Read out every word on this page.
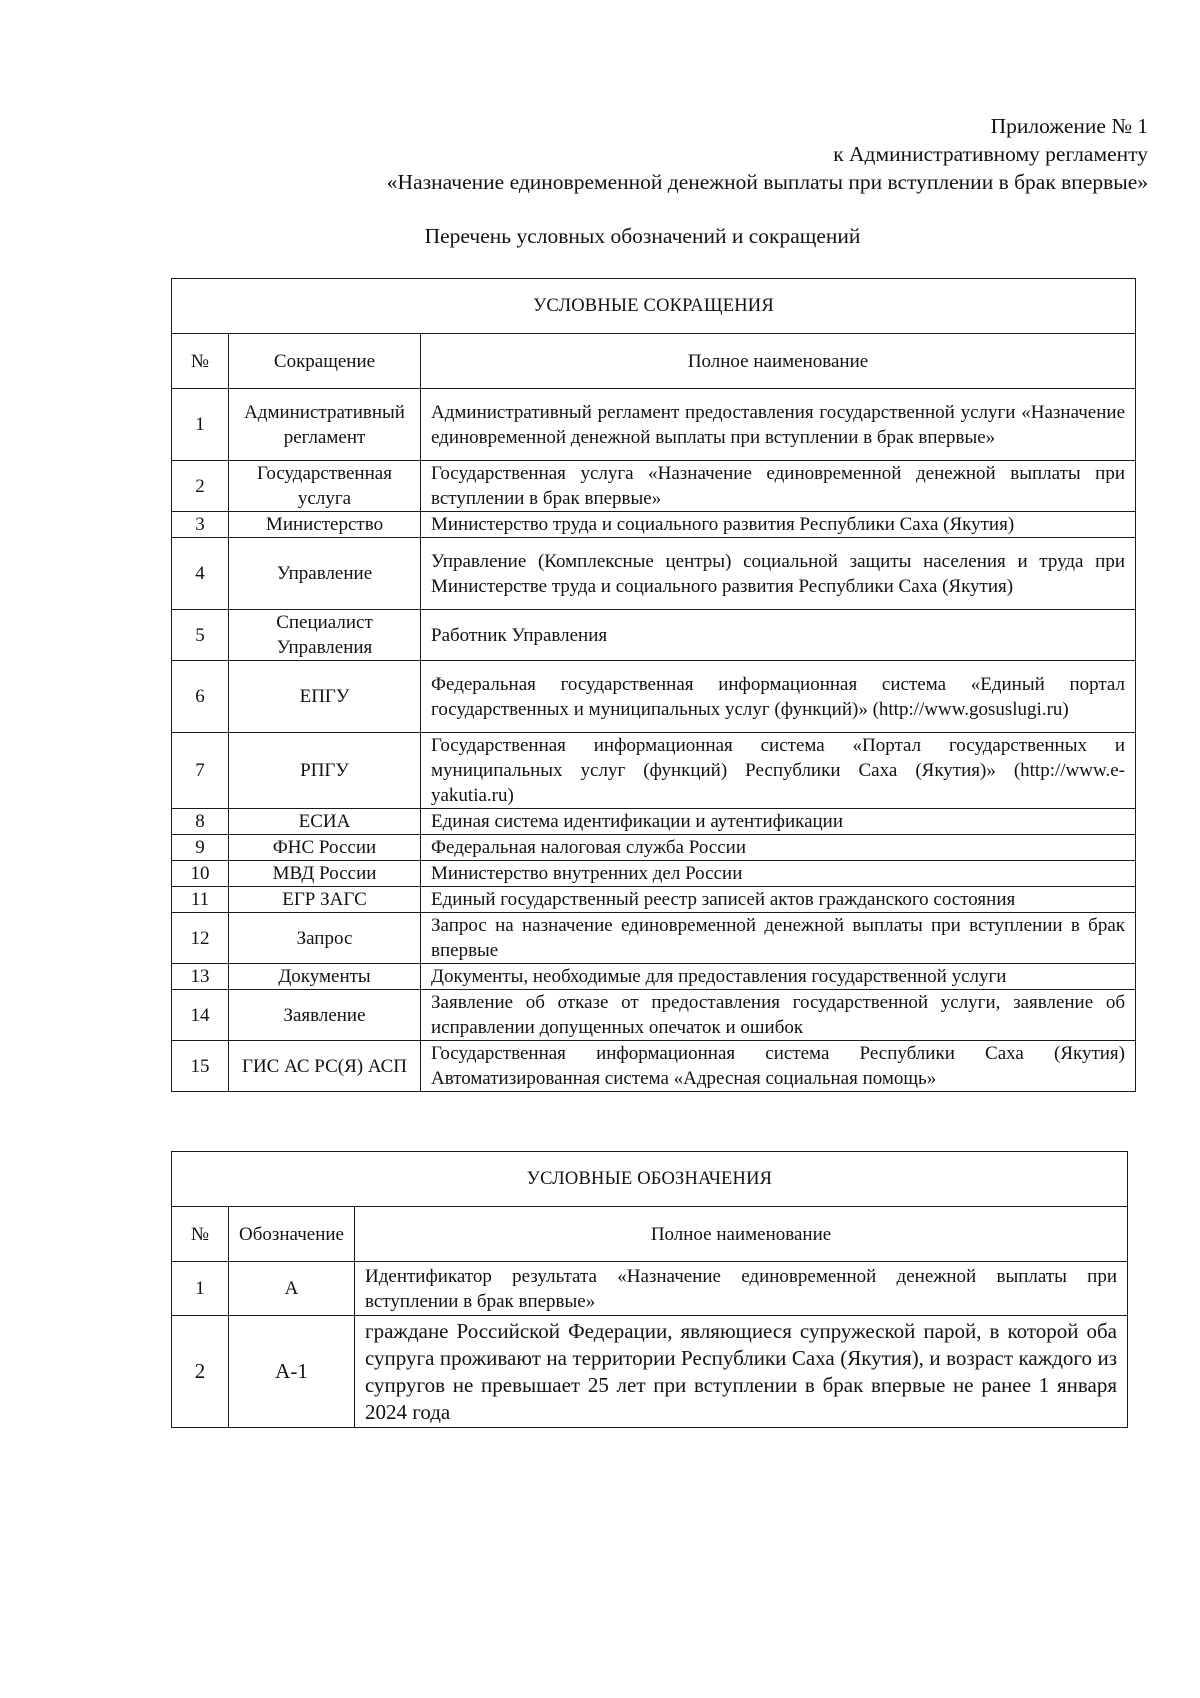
Приложение № 1
к Административному регламенту
«Назначение единовременной денежной выплаты при вступлении в брак впервые»
Перечень условных обозначений и сокращений
УСЛОВНЫЕ СОКРАЩЕНИЯ		
№	Сокращение	Полное наименование
1	Административный регламент	Административный регламент предоставления государственной услуги «Назначение единовременной денежной выплаты при вступлении в брак впервые»
2	Государственная услуга	Государственная услуга «Назначение единовременной денежной выплаты при вступлении в брак впервые»
3	Министерство	Министерство труда и социального развития Республики Саха (Якутия)
4	Управление	Управление (Комплексные центры) социальной защиты населения и труда при Министерстве труда и социального развития Республики Саха (Якутия)
5	Специалист Управления	Работник Управления
6	ЕПГУ	Федеральная государственная информационная система «Единый портал государственных и муниципальных услуг (функций)» (http://www.gosuslugi.ru)
7	РПГУ	Государственная информационная система «Портал государственных и муниципальных услуг (функций) Республики Саха (Якутия)» (http://www.e-yakutia.ru)
8	ЕСИА	Единая система идентификации и аутентификации
9	ФНС России	Федеральная налоговая служба России
10	МВД России	Министерство внутренних дел России
11	ЕГР ЗАГС	Единый государственный реестр записей актов гражданского состояния
12	Запрос	Запрос на назначение единовременной денежной выплаты при вступлении в брак впервые
13	Документы	Документы, необходимые для предоставления государственной услуги
14	Заявление	Заявление об отказе от предоставления государственной услуги, заявление об исправлении допущенных опечаток и ошибок
15	ГИС АС РС(Я) АСП	Государственная информационная система Республики Саха (Якутия) Автоматизированная система «Адресная социальная помощь»
УСЛОВНЫЕ ОБОЗНАЧЕНИЯ		
№	Обозначение	Полное наименование
1	А	Идентификатор результата «Назначение единовременной денежной выплаты при вступлении в брак впервые»
2	А-1	граждане Российской Федерации, являющиеся супружеской парой, в которой оба супруга проживают на территории Республики Саха (Якутия), и возраст каждого из супругов не превышает 25 лет при вступлении в брак впервые не ранее 1 января 2024 года
